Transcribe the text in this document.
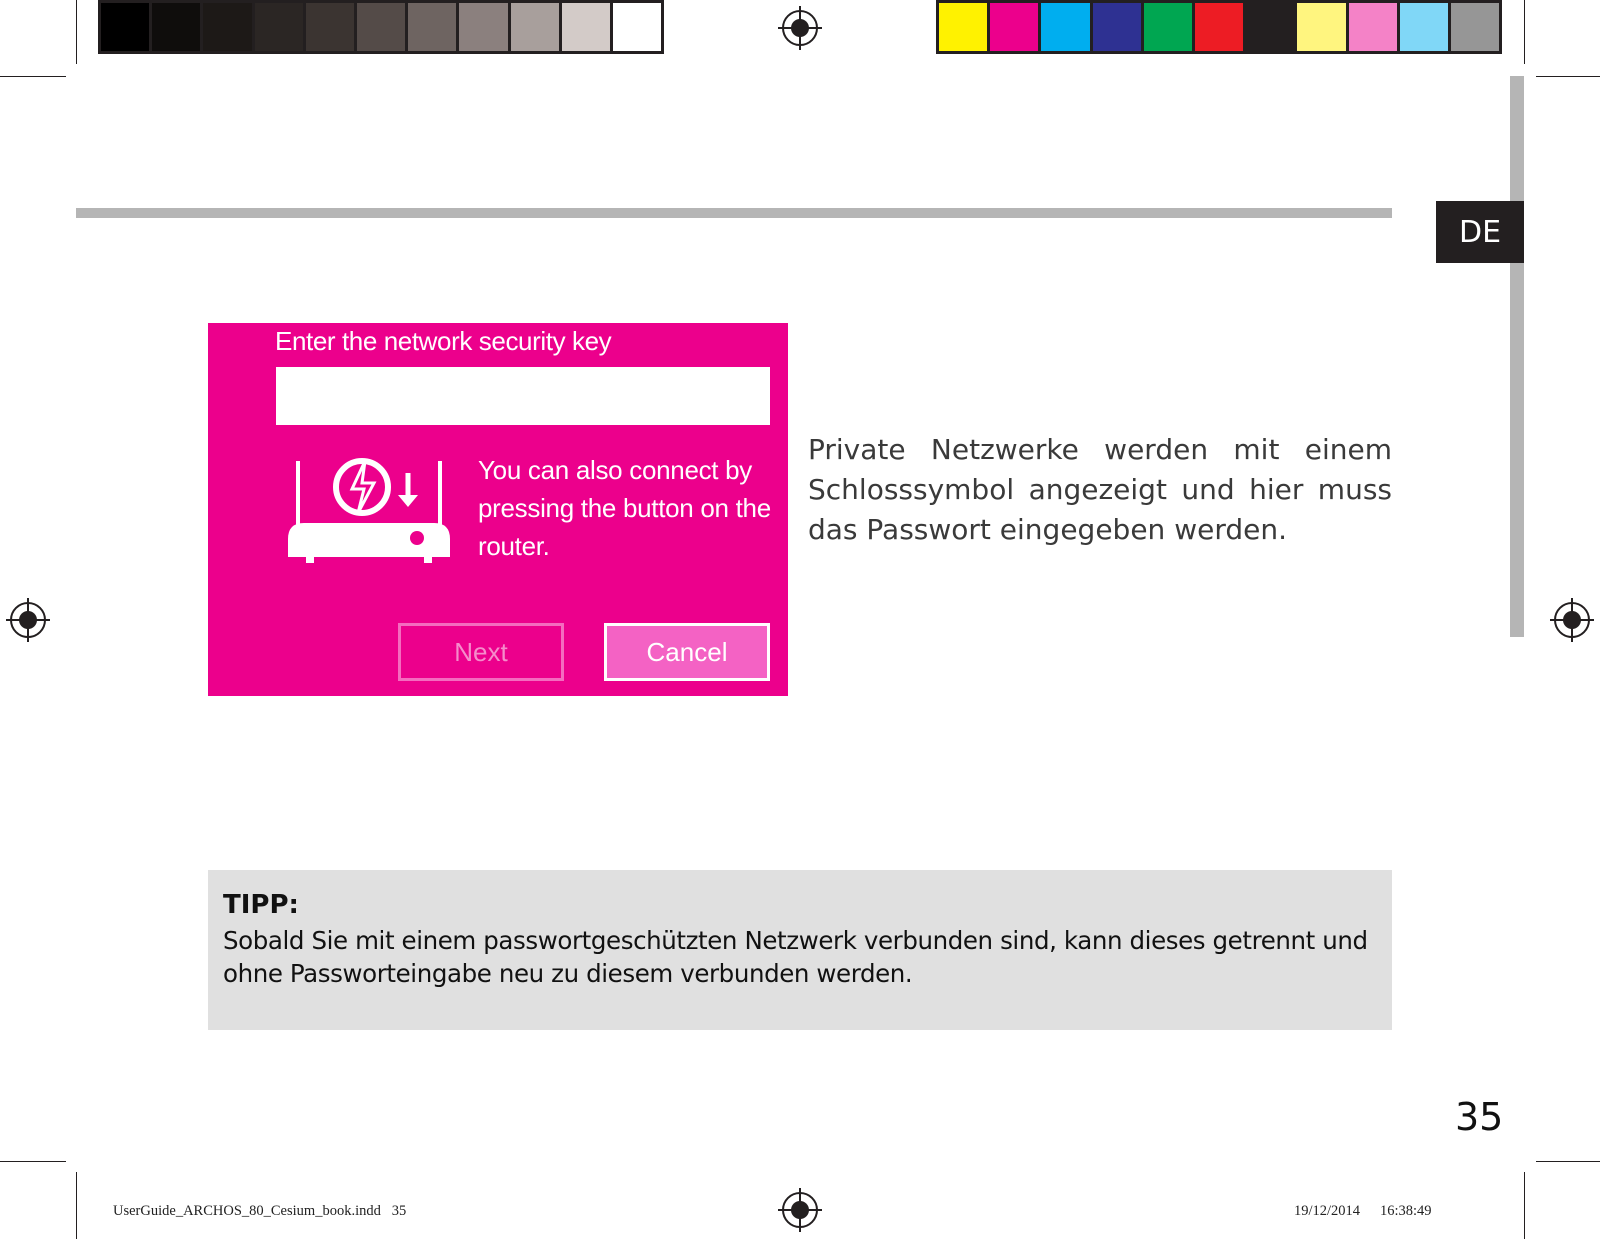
DE
Enter the network security key
You can also connect by pressing the button on the router.
Next	Cancel
Private Netzwerke werden mit einem Schlosssymbol angezeigt und hier muss das Passwort eingegeben werden.
TIPP:
Sobald Sie mit einem passwortgeschützten Netzwerk verbunden sind, kann dieses getrennt und ohne Passworteingabe neu zu diesem verbunden werden.
35
UserGuide_ARCHOS_80_Cesium_book.indd   35	19/12/2014 16:38:49
